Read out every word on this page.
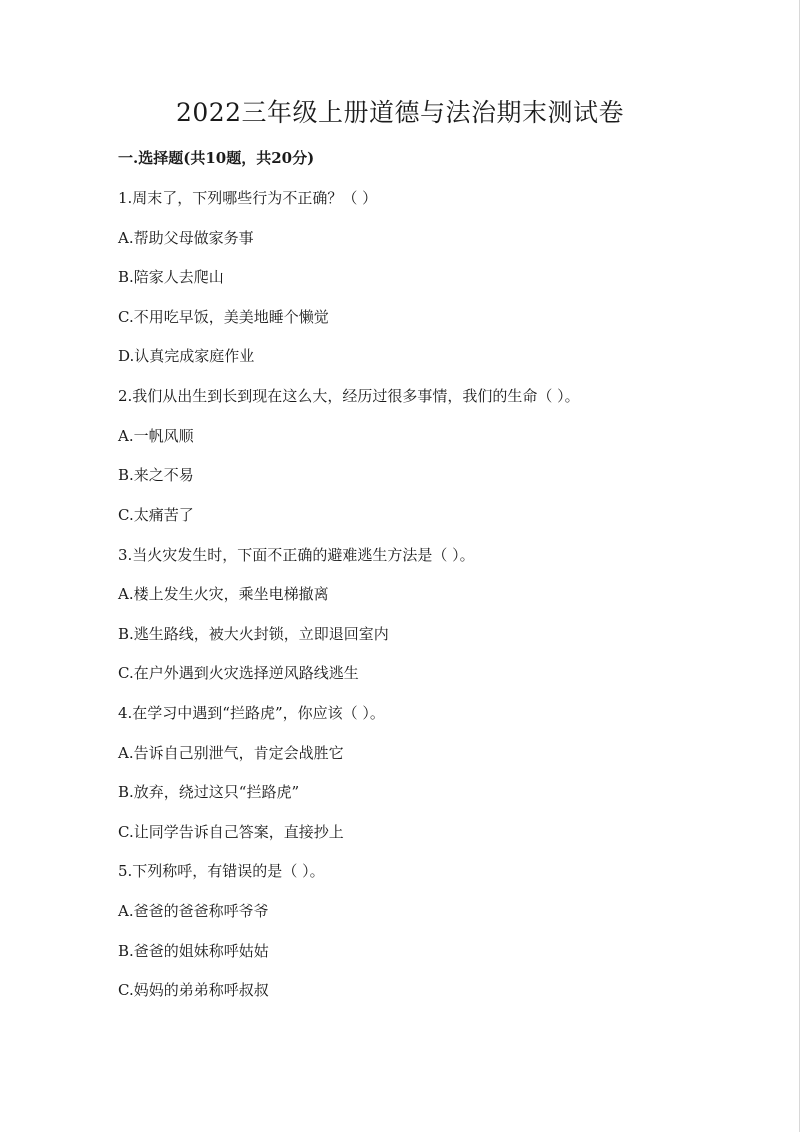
2022三年级上册道德与法治期末测试卷
一.选择题(共10题，共20分)
1.周末了，下列哪些行为不正确？（ ）
A.帮助父母做家务事
B.陪家人去爬山
C.不用吃早饭，美美地睡个懒觉
D.认真完成家庭作业
2.我们从出生到长到现在这么大，经历过很多事情，我们的生命（ ）。
A.一帆风顺
B.来之不易
C.太痛苦了
3.当火灾发生时，下面不正确的避难逃生方法是（ ）。
A.楼上发生火灾，乘坐电梯撤离
B.逃生路线，被大火封锁，立即退回室内
C.在户外遇到火灾选择逆风路线逃生
4.在学习中遇到“拦路虎”，你应该（ ）。
A.告诉自己别泄气，肯定会战胜它
B.放弃，绕过这只“拦路虎”
C.让同学告诉自己答案，直接抄上
5.下列称呼，有错误的是（ ）。
A.爸爸的爸爸称呼爷爷
B.爸爸的姐妹称呼姑姑
C.妈妈的弟弟称呼叔叔
